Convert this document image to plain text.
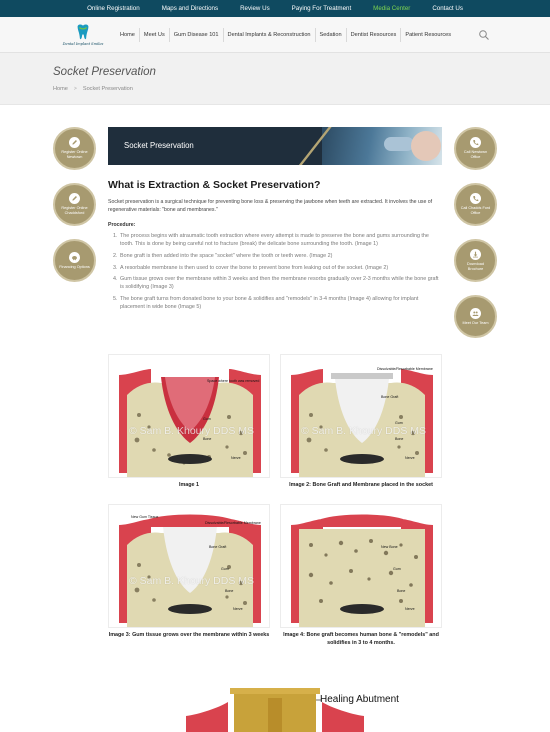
Online Registration	Maps and Directions	Review Us	Paying For Treatment	Media Center	Contact Us
Dental Implant Smiles
Home	Meet Us	Gum Disease 101	Dental Implants & Reconstruction	Sedation	Dentist Resources	Patient Resources
Socket Preservation
Home > Socket Preservation
Register Online Newtown
Register Online Chaddsford
Financing Options
Call Newtown Office
Call Chadds Ford Office
Download Brochure
Meet Our Team
Socket Preservation
What is Extraction & Socket Preservation?

Socket preservation is a surgical technique for preventing bone loss & preserving the jawbone when teeth are extracted. It involves the use of regenerative materials: "bone and membranes."

Procedure:

1. The process begins with atraumatic tooth extraction where every attempt is made to preserve the bone and gums surrounding the tooth. This is done by being careful not to fracture (break) the delicate bone surrounding the tooth. (Image 1)
2. Bone graft is then added into the space "socket" where the tooth or teeth were. (Image 2)
3. A resorbable membrane is then used to cover the bone to prevent bone from leaking out of the socket. (Image 2)
4. Gum tissue grows over the membrane within 3 weeks and then the membrane resorbs gradually over 2-3 months while the bone graft is solidifying (Image 3)
5. The bone graft turns from donated bone to your bone & solidifies and "remodels" in 3-4 months (Image 4) allowing for implant placement in wide bone (Image 5)
© Sam B. Khoury DDS MS
Space where tooth was removed
Gum
Bone
Nerve
Image 1
© Sam B. Khoury DDS MS
Dissolvable/Resorbable Membrane
Bone Graft
Gum
Bone
Nerve
Image 2: Bone Graft and Membrane placed in the socket
© Sam B. Khoury DDS MS
New Gum Tissue
Dissolvable/Resorbable Membrane
Bone Graft
Gum
Bone
Nerve
Image 3: Gum tissue grows over the membrane within 3 weeks
New Bone
Gum
Bone
Nerve
Image 4: Bone graft becomes human bone & "remodels" and solidifies in 3 to 4 months.
Healing Abutment
